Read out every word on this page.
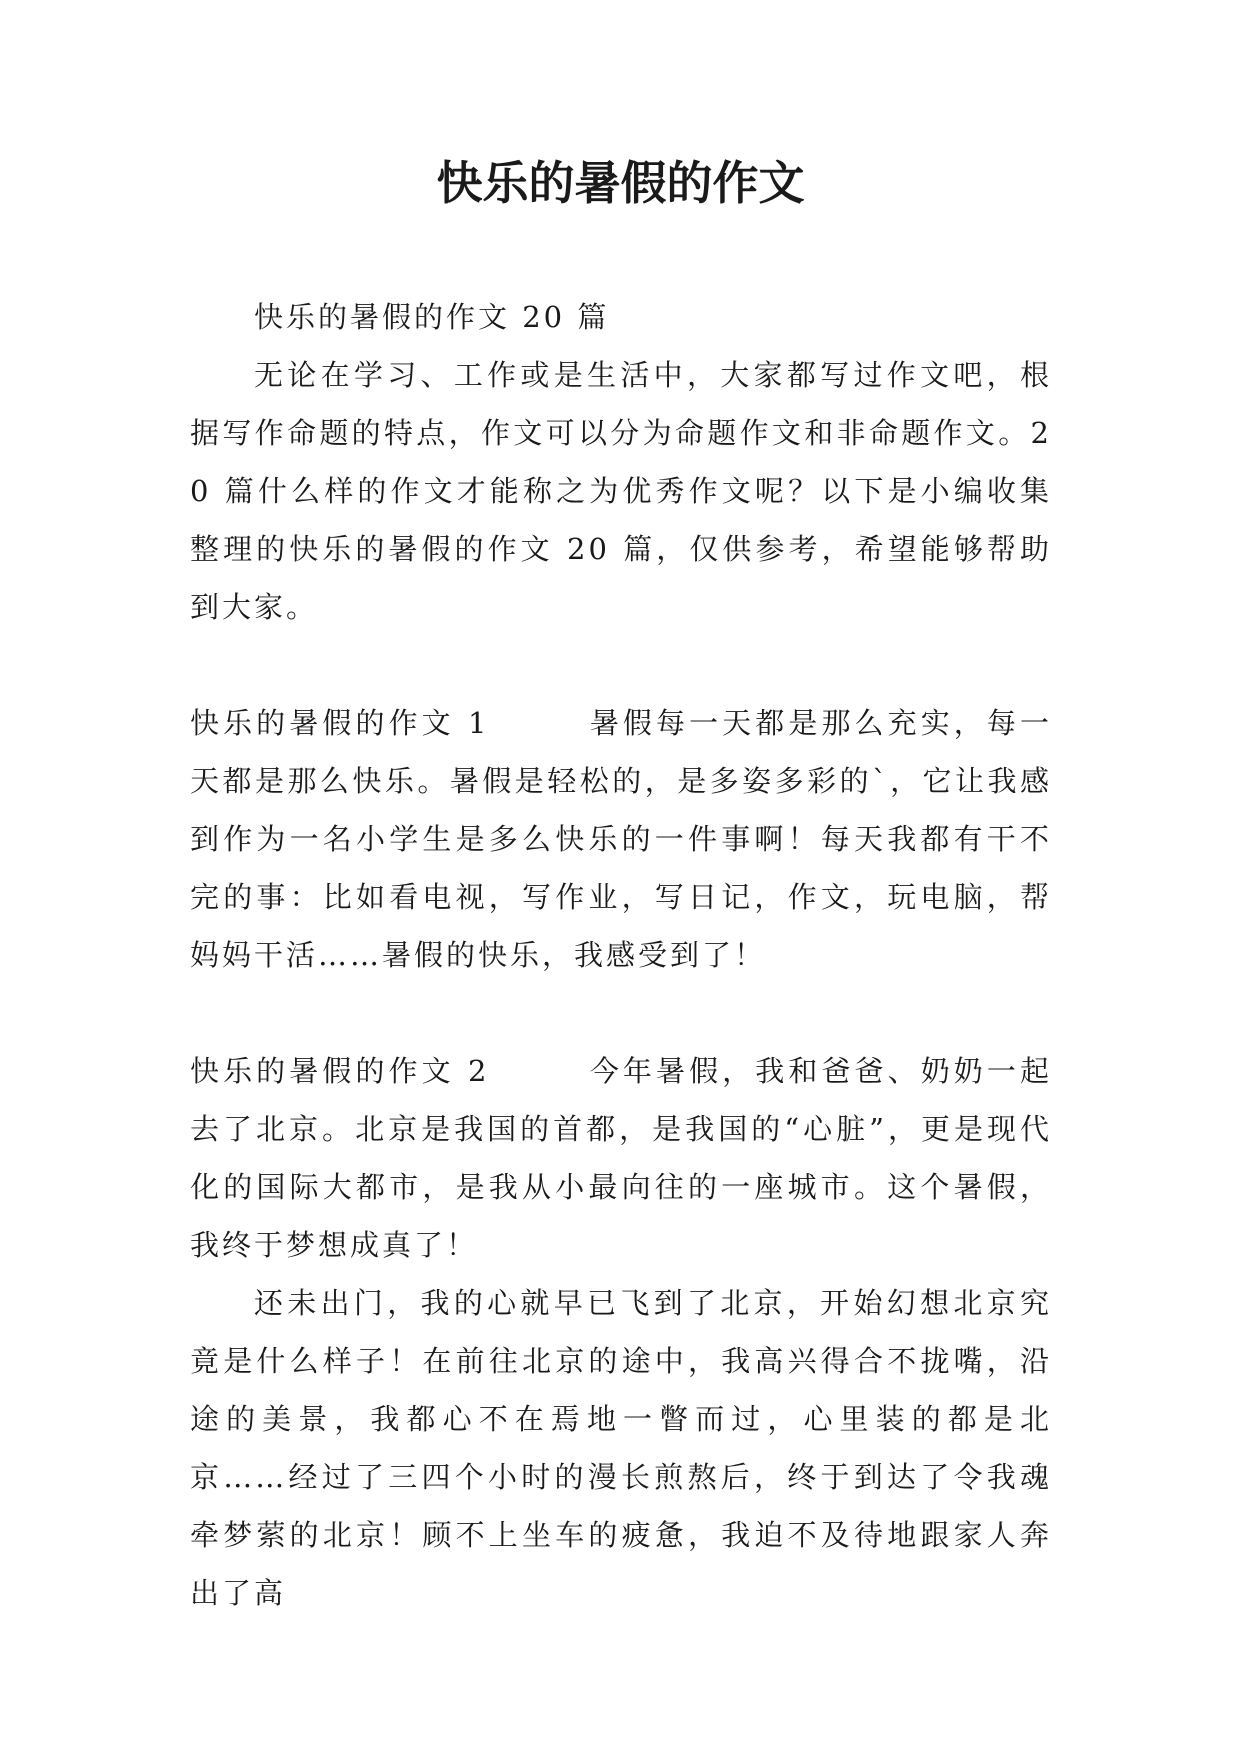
快乐的暑假的作文

快乐的暑假的作文 20 篇

无论在学习、工作或是生活中，大家都写过作文吧，根据写作命题的特点，作文可以分为命题作文和非命题作文。20 篇什么样的作文才能称之为优秀作文呢？以下是小编收集整理的快乐的暑假的作文 20 篇，仅供参考，希望能够帮助到大家。

快乐的暑假的作文 1　　　	暑假每一天都是那么充实，每一天都是那么快乐。暑假是轻松的，是多姿多彩的`，它让我感到作为一名小学生是多么快乐的一件事啊！每天我都有干不完的事：比如看电视，写作业，写日记，作文，玩电脑，帮妈妈干活……暑假的快乐，我感受到了！

快乐的暑假的作文 2　　　	今年暑假，我和爸爸、奶奶一起去了北京。北京是我国的首都，是我国的“心脏”，更是现代化的国际大都市，是我从小最向往的一座城市。这个暑假，我终于梦想成真了！

还未出门，我的心就早已飞到了北京，开始幻想北京究竟是什么样子！在前往北京的途中，我高兴得合不拢嘴，沿途的美景，我都心不在焉地一瞥而过，心里装的都是北京……经过了三四个小时的漫长煎熬后，终于到达了令我魂牵梦萦的北京！顾不上坐车的疲惫，我迫不及待地跟家人奔出了高
